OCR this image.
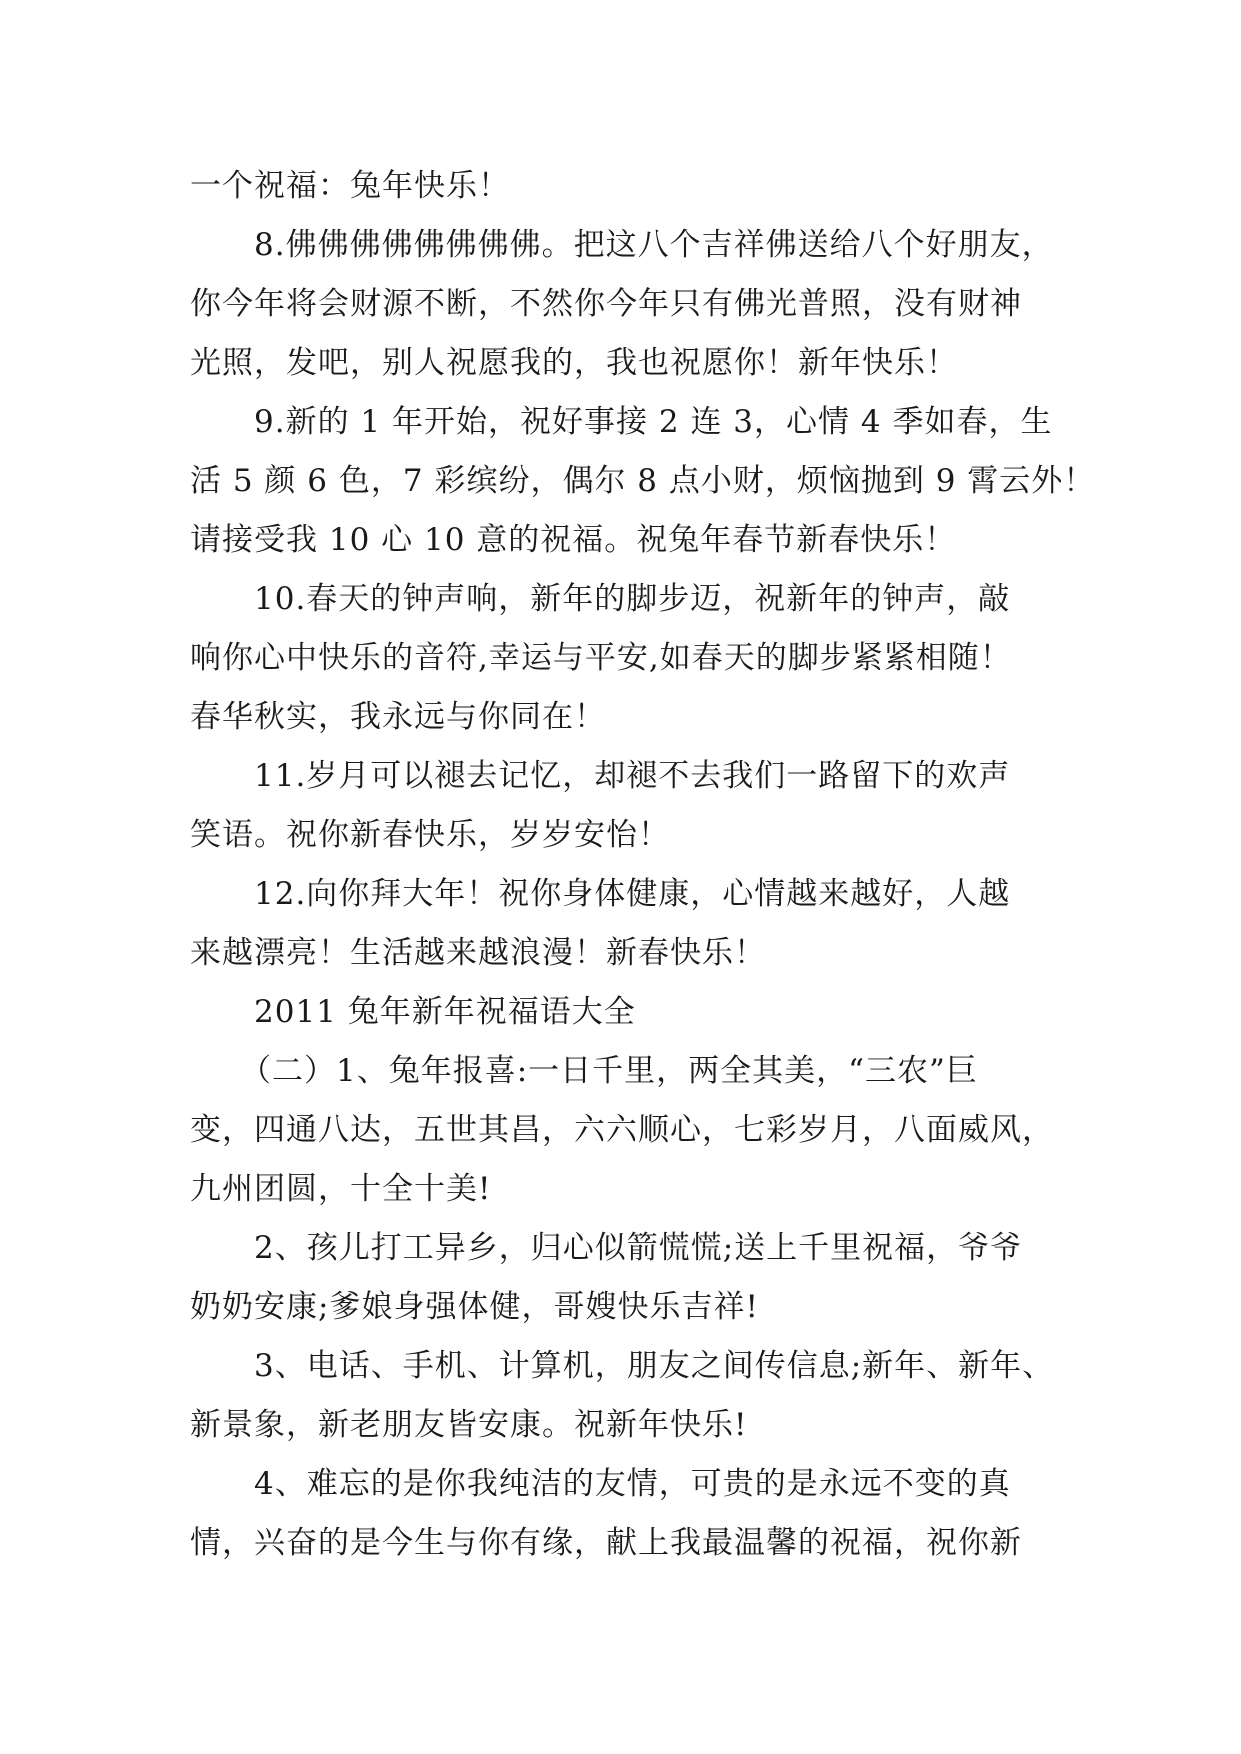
一个祝福：兔年快乐！
8.佛佛佛佛佛佛佛佛。把这八个吉祥佛送给八个好朋友，
你今年将会财源不断，不然你今年只有佛光普照，没有财神
光照，发吧，别人祝愿我的，我也祝愿你！新年快乐！
9.新的 1 年开始，祝好事接 2 连 3，心情 4 季如春，生
活 5 颜 6 色，7 彩缤纷，偶尔 8 点小财，烦恼抛到 9 霄云外！
请接受我 10 心 10 意的祝福。祝兔年春节新春快乐！
10.春天的钟声响，新年的脚步迈，祝新年的钟声，敲
响你心中快乐的音符,幸运与平安,如春天的脚步紧紧相随！
春华秋实，我永远与你同在！
11.岁月可以褪去记忆，却褪不去我们一路留下的欢声
笑语。祝你新春快乐，岁岁安怡！
12.向你拜大年！祝你身体健康，心情越来越好，人越
来越漂亮！生活越来越浪漫！新春快乐！
2011 兔年新年祝福语大全
（二）1、兔年报喜:一日千里，两全其美，“三农”巨
变，四通八达，五世其昌，六六顺心，七彩岁月，八面威风，
九州团圆，十全十美!
2、孩儿打工异乡，归心似箭慌慌;送上千里祝福，爷爷
奶奶安康;爹娘身强体健，哥嫂快乐吉祥!
3、电话、手机、计算机，朋友之间传信息;新年、新年、
新景象，新老朋友皆安康。祝新年快乐!
4、难忘的是你我纯洁的友情，可贵的是永远不变的真
情，兴奋的是今生与你有缘，献上我最温馨的祝福，祝你新
